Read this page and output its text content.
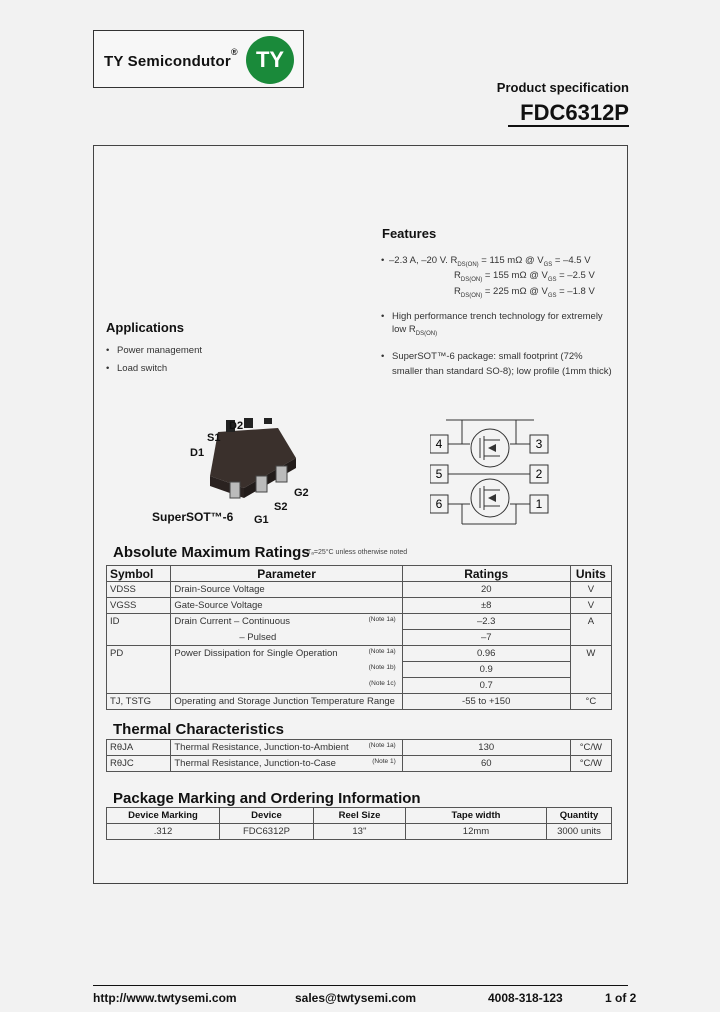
TY Semicondutor
® TY
Product specification
FDC6312P
Features
• –2.3 A, –20 V. $R_{DS(ON)} = 115$ mΩ @ $V_{GS} = -4.5$ V
$R_{DS(ON)} = 155$ mΩ @ $V_{GS} = -2.5$ V
$R_{DS(ON)} = 225$ mΩ @ $V_{GS} = -1.8$ V
• High performance trench technology for extremely
low $R_{DS(ON)}$
• SuperSOT™-6 package: small footprint (72%
smaller than standard SO-8); low profile (1mm thick)
Applications
• Power management
• Load switch
D2
S1
D1
G2
S2
G1
SuperSOT™-6
4
5
6
3
2
1
Absolute Maximum Ratings
Tₐ=25°C unless otherwise noted
Symbol	Parameter	Ratings	Units
VDSS	Drain-Source Voltage	20	V
VGSS	Gate-Source Voltage	±8	V
ID	Drain Current – Continuous (Note 1a)	–2.3	A
	– Pulsed	–7	
PD	Power Dissipation for Single Operation (Note 1a)	0.96	W

	(Note 1b)	0.9	

	(Note 1c)	0.7	
TJ, TSTG	Operating and Storage Junction Temperature Range	-55 to +150	°C
Thermal Characteristics
RθJA	Thermal Resistance, Junction-to-Ambient (Note 1a)	130	°C/W
RθJC	Thermal Resistance, Junction-to-Case (Note 1)	60	°C/W
Package Marking and Ordering Information
Device Marking	Device	Reel Size	Tape width	Quantity
.312	FDC6312P	13''	12mm	3000 units
http://www.twtysemi.com	sales@twtysemi.com	4008-318-123	1 of 2
